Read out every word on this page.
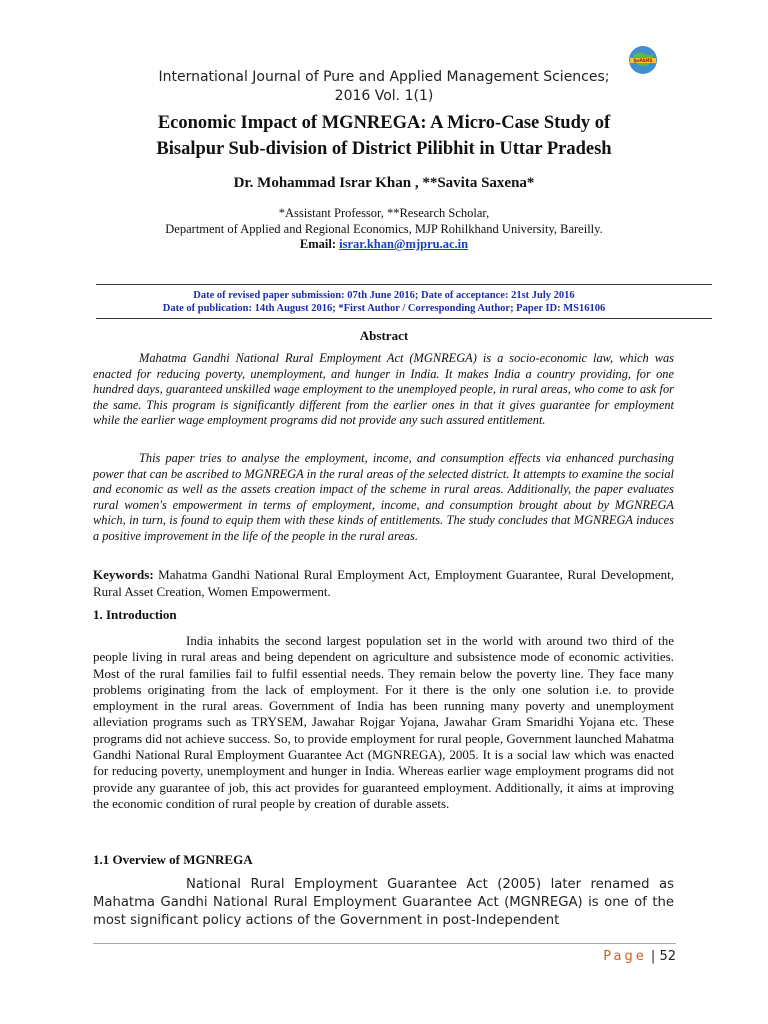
IJoPAMS
International Journal of Pure and Applied Management Sciences;
2016 Vol. 1(1)
Economic Impact of MGNREGA: A Micro-Case Study of
Bisalpur Sub-division of District Pilibhit in Uttar Pradesh
Dr. Mohammad Israr Khan , **Savita Saxena*
*Assistant Professor, **Research Scholar,
Department of Applied and Regional Economics, MJP Rohilkhand University, Bareilly.
Email: israr.khan@mjpru.ac.in
Date of revised paper submission: 07th June 2016; Date of acceptance: 21st July 2016
Date of publication: 14th August 2016; *First Author / Corresponding Author; Paper ID: MS16106
Abstract
Mahatma Gandhi National Rural Employment Act (MGNREGA) is a socio-economic law, which was enacted for reducing poverty, unemployment, and hunger in India. It makes India a country providing, for one hundred days, guaranteed unskilled wage employment to the unemployed people, in rural areas, who come to ask for the same. This program is significantly different from the earlier ones in that it gives guarantee for employment while the earlier wage employment programs did not provide any such assured entitlement.
This paper tries to analyse the employment, income, and consumption effects via enhanced purchasing power that can be ascribed to MGNREGA in the rural areas of the selected district. It attempts to examine the social and economic as well as the assets creation impact of the scheme in rural areas. Additionally, the paper evaluates rural women's empowerment in terms of employment, income, and consumption brought about by MGNREGA which, in turn, is found to equip them with these kinds of entitlements. The study concludes that MGNREGA induces a positive improvement in the life of the people in the rural areas.
Keywords: Mahatma Gandhi National Rural Employment Act, Employment Guarantee, Rural Development, Rural Asset Creation, Women Empowerment.
1. Introduction
India inhabits the second largest population set in the world with around two third of the people living in rural areas and being dependent on agriculture and subsistence mode of economic activities. Most of the rural families fail to fulfil essential needs. They remain below the poverty line. They face many problems originating from the lack of employment. For it there is the only one solution i.e. to provide employment in the rural areas. Government of India has been running many poverty and unemployment alleviation programs such as TRYSEM, Jawahar Rojgar Yojana, Jawahar Gram Smaridhi Yojana etc. These programs did not achieve success. So, to provide employment for rural people, Government launched Mahatma Gandhi National Rural Employment Guarantee Act (MGNREGA), 2005. It is a social law which was enacted for reducing poverty, unemployment and hunger in India. Whereas earlier wage employment programs did not provide any guarantee of job, this act provides for guaranteed employment. Additionally, it aims at improving the economic condition of rural people by creation of durable assets.
1.1 Overview of MGNREGA
National Rural Employment Guarantee Act (2005) later renamed as Mahatma Gandhi National Rural Employment Guarantee Act (MGNREGA) is one of the most significant policy actions of the Government in post-Independent
Page | 52
